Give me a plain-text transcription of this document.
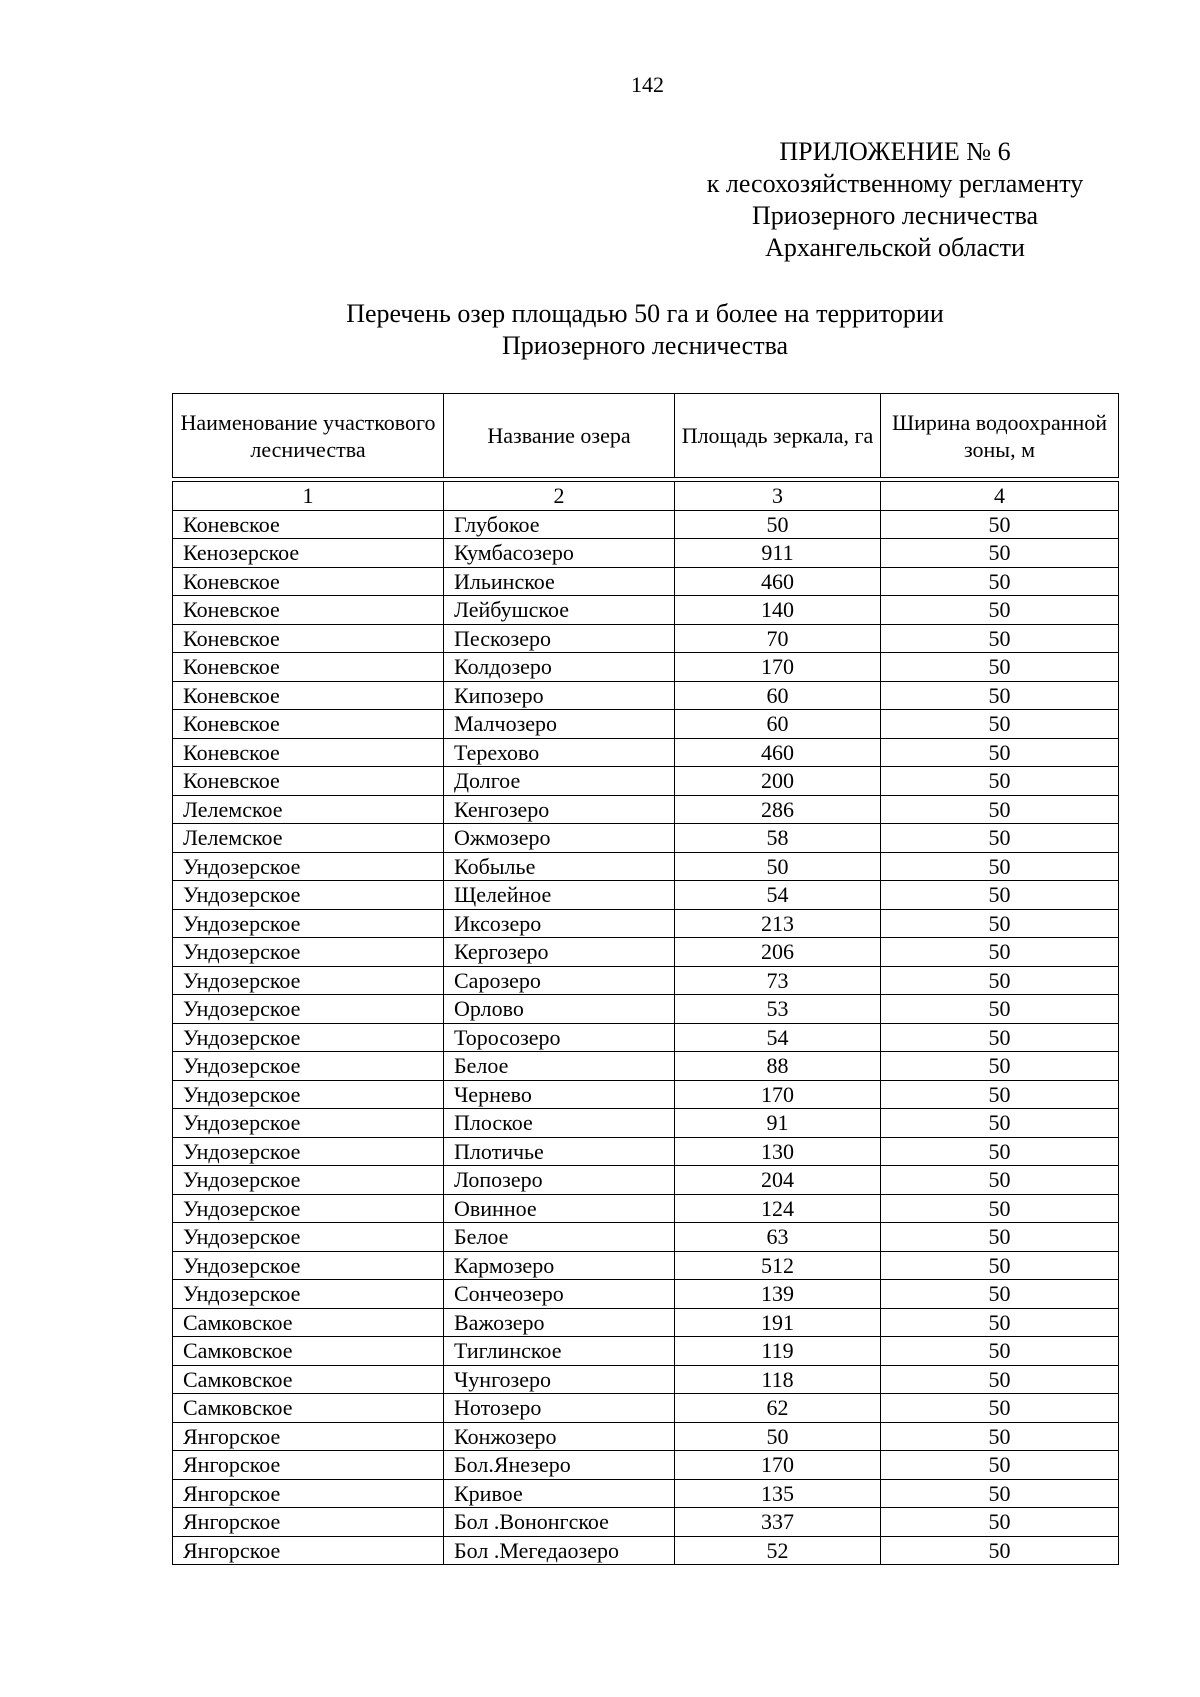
142
ПРИЛОЖЕНИЕ № 6
к лесохозяйственному регламенту
Приозерного лесничества
Архангельской области
Перечень озер площадью 50 га и более на территории
Приозерного лесничества
Наименование участкового лесничества	Название озера	Площадь зеркала, га	Ширина водоохранной зоны, м
1	2	3	4
Коневское	Глубокое	50	50
Кенозерское	Кумбасозеро	911	50
Коневское	Ильинское	460	50
Коневское	Лейбушское	140	50
Коневское	Пескозеро	70	50
Коневское	Колдозеро	170	50
Коневское	Кипозеро	60	50
Коневское	Малчозеро	60	50
Коневское	Терехово	460	50
Коневское	Долгое	200	50
Лелемское	Кенгозеро	286	50
Лелемское	Ожмозеро	58	50
Ундозерское	Кобылье	50	50
Ундозерское	Щелейное	54	50
Ундозерское	Иксозеро	213	50
Ундозерское	Кергозеро	206	50
Ундозерское	Сарозеро	73	50
Ундозерское	Орлово	53	50
Ундозерское	Торосозеро	54	50
Ундозерское	Белое	88	50
Ундозерское	Чернево	170	50
Ундозерское	Плоское	91	50
Ундозерское	Плотичье	130	50
Ундозерское	Лопозеро	204	50
Ундозерское	Овинное	124	50
Ундозерское	Белое	63	50
Ундозерское	Кармозеро	512	50
Ундозерское	Сончеозеро	139	50
Самковское	Важозеро	191	50
Самковское	Тиглинское	119	50
Самковское	Чунгозеро	118	50
Самковское	Нотозеро	62	50
Янгорское	Конжозеро	50	50
Янгорское	Бол.Янезеро	170	50
Янгорское	Кривое	135	50
Янгорское	Бол .Вононгское	337	50
Янгорское	Бол .Мегедаозеро	52	50
